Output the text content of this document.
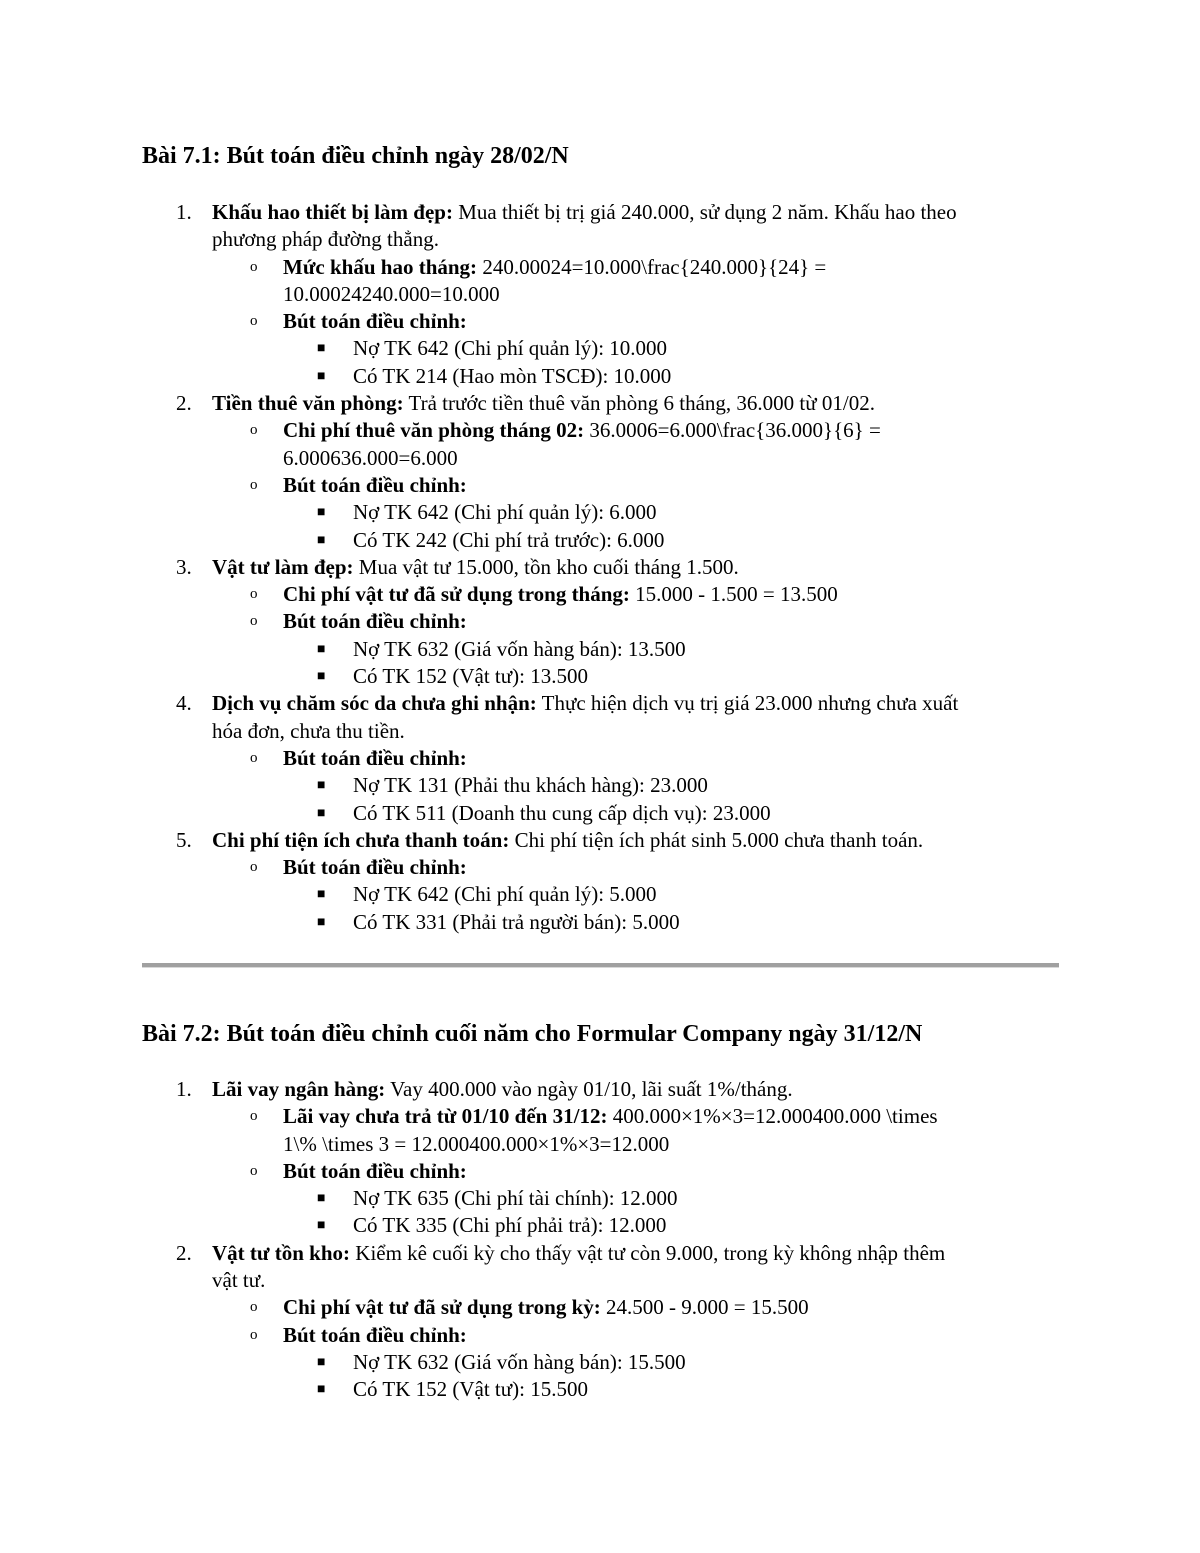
Bài 7.1: Bút toán điều chỉnh ngày 28/02/N
1. Khấu hao thiết bị làm đẹp: Mua thiết bị trị giá 240.000, sử dụng 2 năm. Khấu hao theo
phương pháp đường thẳng.
o Mức khấu hao tháng: 240.00024=10.000\frac{240.000}{24} =
10.00024240.000=10.000
o Bút toán điều chỉnh:
■ Nợ TK 642 (Chi phí quản lý): 10.000
■ Có TK 214 (Hao mòn TSCĐ): 10.000
2. Tiền thuê văn phòng: Trả trước tiền thuê văn phòng 6 tháng, 36.000 từ 01/02.
o Chi phí thuê văn phòng tháng 02: 36.0006=6.000\frac{36.000}{6} =
6.000636.000=6.000
o Bút toán điều chỉnh:
■ Nợ TK 642 (Chi phí quản lý): 6.000
■ Có TK 242 (Chi phí trả trước): 6.000
3. Vật tư làm đẹp: Mua vật tư 15.000, tồn kho cuối tháng 1.500.
o Chi phí vật tư đã sử dụng trong tháng: 15.000 - 1.500 = 13.500
o Bút toán điều chỉnh:
■ Nợ TK 632 (Giá vốn hàng bán): 13.500
■ Có TK 152 (Vật tư): 13.500
4. Dịch vụ chăm sóc da chưa ghi nhận: Thực hiện dịch vụ trị giá 23.000 nhưng chưa xuất
hóa đơn, chưa thu tiền.
o Bút toán điều chỉnh:
■ Nợ TK 131 (Phải thu khách hàng): 23.000
■ Có TK 511 (Doanh thu cung cấp dịch vụ): 23.000
5. Chi phí tiện ích chưa thanh toán: Chi phí tiện ích phát sinh 5.000 chưa thanh toán.
o Bút toán điều chỉnh:
■ Nợ TK 642 (Chi phí quản lý): 5.000
■ Có TK 331 (Phải trả người bán): 5.000
Bài 7.2: Bút toán điều chỉnh cuối năm cho Formular Company ngày 31/12/N
1. Lãi vay ngân hàng: Vay 400.000 vào ngày 01/10, lãi suất 1%/tháng.
o Lãi vay chưa trả từ 01/10 đến 31/12: 400.000×1%×3=12.000400.000 \times
1\% \times 3 = 12.000400.000×1%×3=12.000
o Bút toán điều chỉnh:
■ Nợ TK 635 (Chi phí tài chính): 12.000
■ Có TK 335 (Chi phí phải trả): 12.000
2. Vật tư tồn kho: Kiểm kê cuối kỳ cho thấy vật tư còn 9.000, trong kỳ không nhập thêm
vật tư.
o Chi phí vật tư đã sử dụng trong kỳ: 24.500 - 9.000 = 15.500
o Bút toán điều chỉnh:
■ Nợ TK 632 (Giá vốn hàng bán): 15.500
■ Có TK 152 (Vật tư): 15.500
